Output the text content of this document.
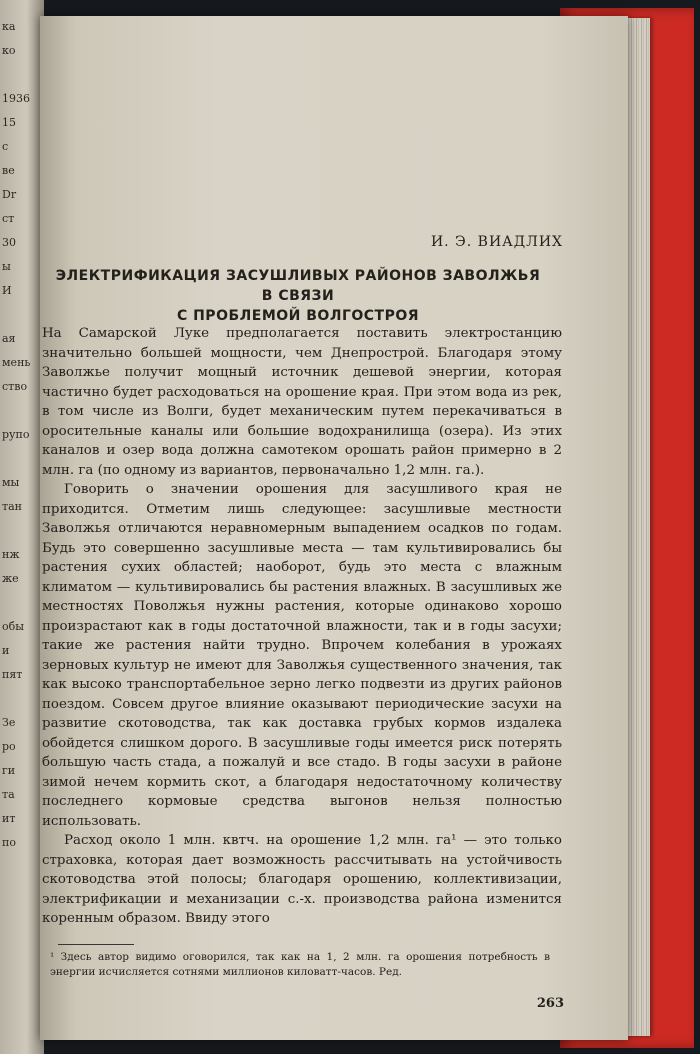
ка
ко
1936
15
с
ве
Dr
ст
30
ы
И
ая
мень
ство
рупо
мы
тан
нж
же
обы
и
пят
Зе
ро
ги
та
ит
по
И. Э. ВИАДЛИХ
ЭЛЕКТРИФИКАЦИЯ ЗАСУШЛИВЫХ РАЙОНОВ ЗАВОЛЖЬЯ В СВЯЗИ
С ПРОБЛЕМОЙ ВОЛГОСТРОЯ

На Самарской Луке предполагается поставить электростанцию значительно большей мощности, чем Днепрострой. Благодаря этому Заволжье получит мощный источник дешевой энергии, которая частично будет расходоваться на орошение края. При этом вода из рек, в том числе из Волги, будет механическим путем перекачиваться в оросительные каналы или большие водохранилища (озера). Из этих каналов и озер вода должна самотеком орошать район примерно в 2 млн. га (по одному из вариантов, первоначально 1,2 млн. га.).

Говорить о значении орошения для засушливого края не приходится. Отметим лишь следующее: засушливые местности Заволжья отличаются неравномерным выпадением осадков по годам. Будь это совершенно засушливые места — там культивировались бы растения сухих областей; наоборот, будь это места с влажным климатом — культивировались бы растения влажных. В засушливых же местностях Поволжья нужны растения, которые одинаково хорошо произрастают как в годы достаточной влажности, так и в годы засухи; такие же растения найти трудно. Впрочем колебания в урожаях зерновых культур не имеют для Заволжья существенного значения, так как высоко транспортабельное зерно легко подвезти из других районов поездом. Совсем другое влияние оказывают периодические засухи на развитие скотоводства, так как доставка грубых кормов издалека обойдется слишком дорого. В засушливые годы имеется риск потерять большую часть стада, а пожалуй и все стадо. В годы засухи в районе зимой нечем кормить скот, а благодаря недостаточному количеству последнего кормовые средства выгонов нельзя полностью использовать.

Расход около 1 млн. квтч. на орошение 1,2 млн. га¹ — это только страховка, которая дает возможность рассчитывать на устойчивость скотоводства этой полосы; благодаря орошению, коллективизации, электрификации и механизации с.-х. производства района изменится коренным образом. Ввиду этого

¹ Здесь автор видимо оговорился, так как на 1, 2 млн. га орошения потребность в энергии исчисляется сотнями миллионов киловатт-часов. Ред.
263
